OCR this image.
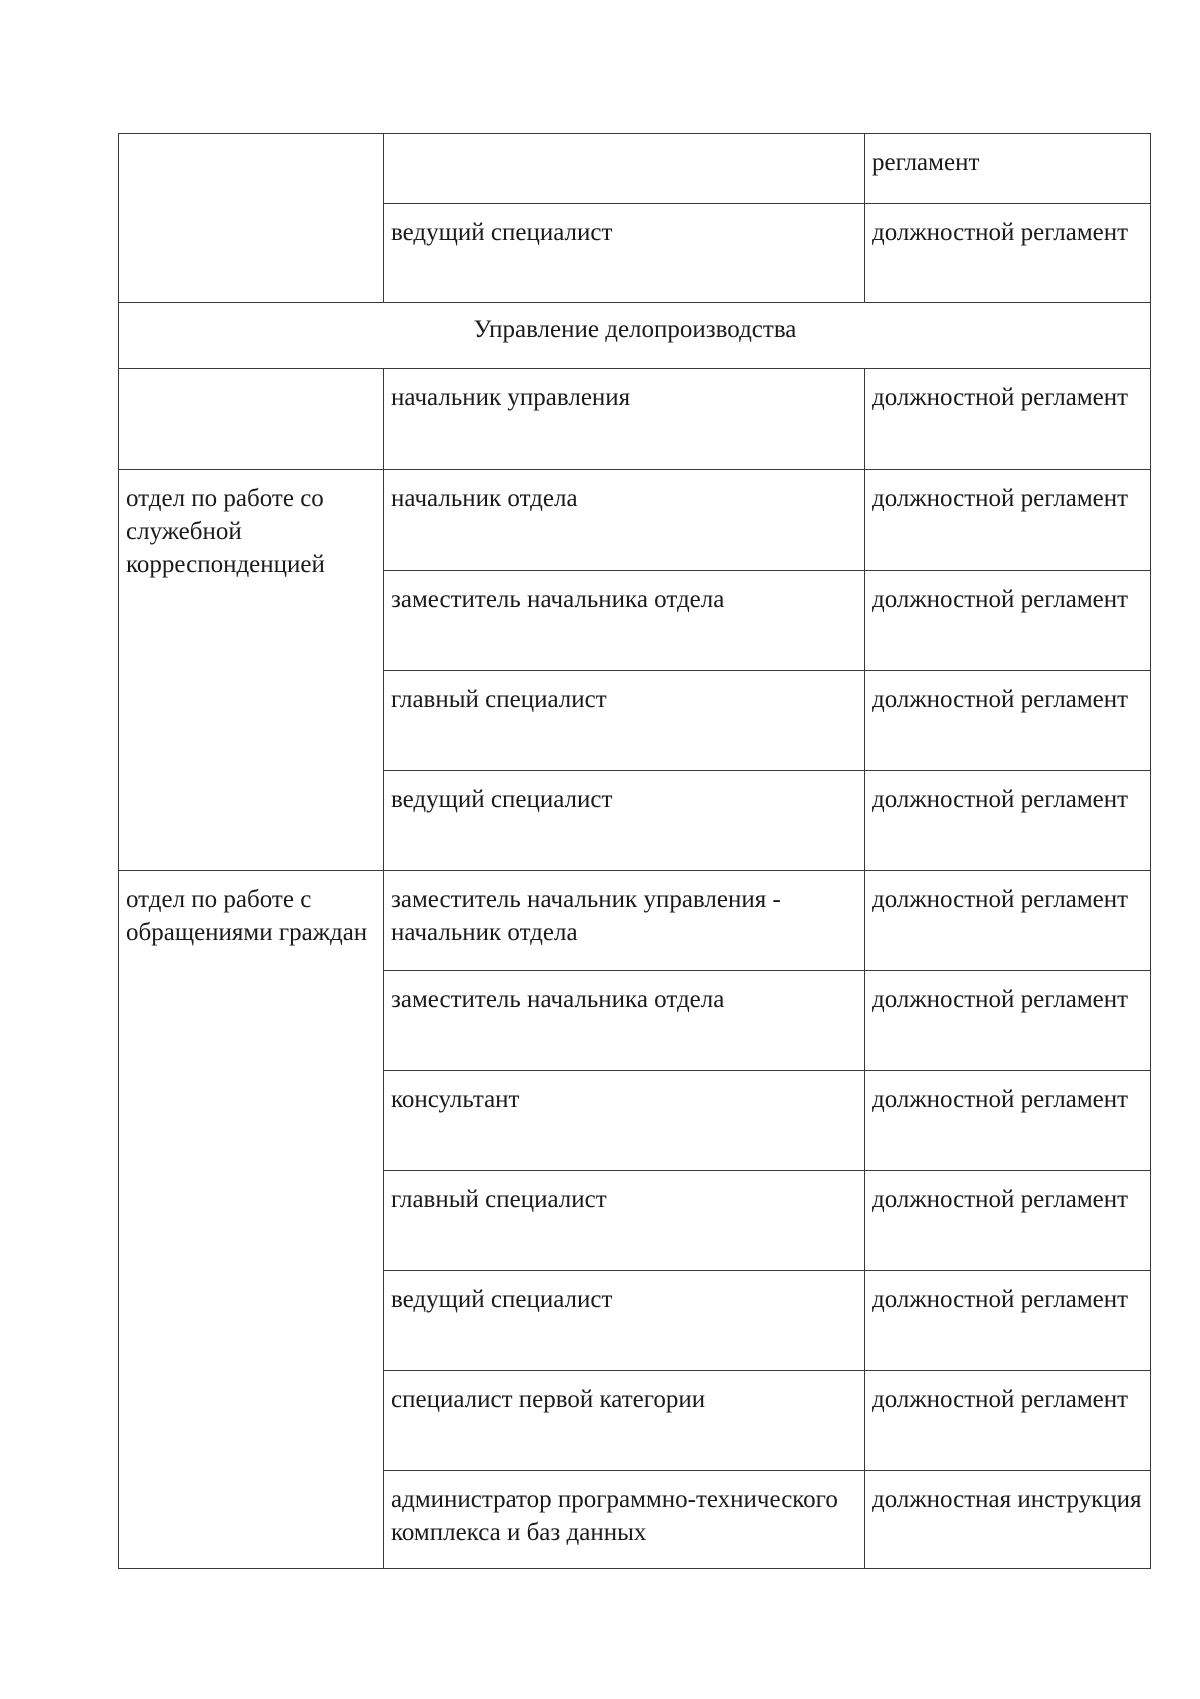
		регламент
	ведущий специалист	должностной регламент
Управление делопроизводства		
	начальник управления	должностной регламент
отдел по работе со служебной корреспонденцией	начальник отдела	должностной регламент
	заместитель начальника отдела	должностной регламент
	главный специалист	должностной регламент
	ведущий специалист	должностной регламент
отдел по работе с обращениями граждан	заместитель начальник управления - начальник отдела	должностной регламент
	заместитель начальника отдела	должностной регламент
	консультант	должностной регламент
	главный специалист	должностной регламент
	ведущий специалист	должностной регламент
	специалист первой категории	должностной регламент
	администратор программно-технического комплекса и баз данных	должностная инструкция
